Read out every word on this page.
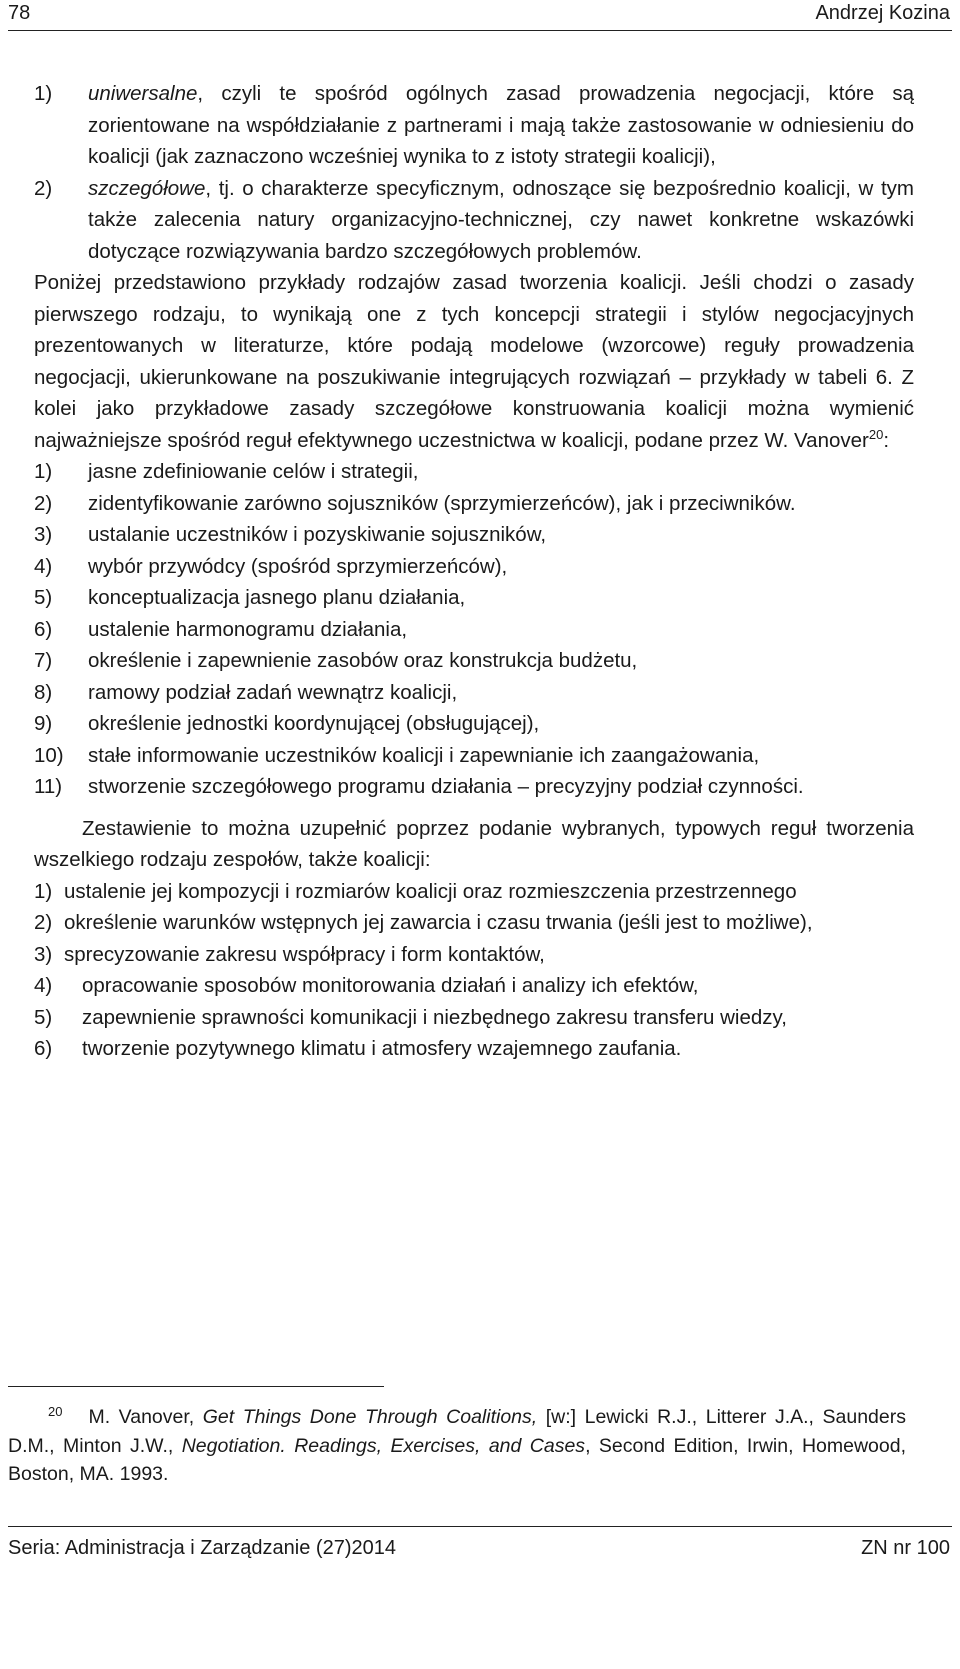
78	Andrzej Kozina
1) uniwersalne, czyli te spośród ogólnych zasad prowadzenia negocjacji, które są zorientowane na współdziałanie z partnerami i mają także zastosowanie w odniesieniu do koalicji (jak zaznaczono wcześniej wynika to z istoty strategii koalicji),
2) szczegółowe, tj. o charakterze specyficznym, odnoszące się bezpośrednio koalicji, w tym także zalecenia natury organizacyjno-technicznej, czy nawet konkretne wskazówki dotyczące rozwiązywania bardzo szczegółowych problemów.

Poniżej przedstawiono przykłady rodzajów zasad tworzenia koalicji. Jeśli chodzi o zasady pierwszego rodzaju, to wynikają one z tych koncepcji strategii i stylów negocjacyjnych prezentowanych w literaturze, które podają modelowe (wzorcowe) reguły prowadzenia negocjacji, ukierunkowane na poszukiwanie integrujących rozwiązań – przykłady w tabeli 6. Z kolei jako przykładowe zasady szczegółowe konstruowania koalicji można wymienić najważniejsze spośród reguł efektywnego uczestnictwa w koalicji, podane przez W. Vanover$^{20}$:

1) jasne zdefiniowanie celów i strategii,
2) zidentyfikowanie zarówno sojuszników (sprzymierzeńców), jak i przeciwników.
3) ustalanie uczestników i pozyskiwanie sojuszników,
4) wybór przywódcy (spośród sprzymierzeńców),
5) konceptualizacja jasnego planu działania,
6) ustalenie harmonogramu działania,
7) określenie i zapewnienie zasobów oraz konstrukcja budżetu,
8) ramowy podział zadań wewnątrz koalicji,
9) określenie jednostki koordynującej (obsługującej),
10) stałe informowanie uczestników koalicji i zapewnianie ich zaangażowania,
11) stworzenie szczegółowego programu działania – precyzyjny podział czynności.

Zestawienie to można uzupełnić poprzez podanie wybranych, typowych reguł tworzenia wszelkiego rodzaju zespołów, także koalicji:

1) ustalenie jej kompozycji i rozmiarów koalicji oraz rozmieszczenia przestrzennego
2) określenie warunków wstępnych jej zawarcia i czasu trwania (jeśli jest to możliwe),
3) sprecyzowanie zakresu współpracy i form kontaktów,
4) opracowanie sposobów monitorowania działań i analizy ich efektów,
5) zapewnienie sprawności komunikacji i niezbędnego zakresu transferu wiedzy,
6) tworzenie pozytywnego klimatu i atmosfery wzajemnego zaufania.
$^{20}$ M. Vanover, Get Things Done Through Coalitions, [w:] Lewicki R.J., Litterer J.A., Saunders D.M., Minton J.W., Negotiation. Readings, Exercises, and Cases, Second Edition, Irwin, Homewood, Boston, MA. 1993.
Seria: Administracja i Zarządzanie (27)2014	ZN nr 100
